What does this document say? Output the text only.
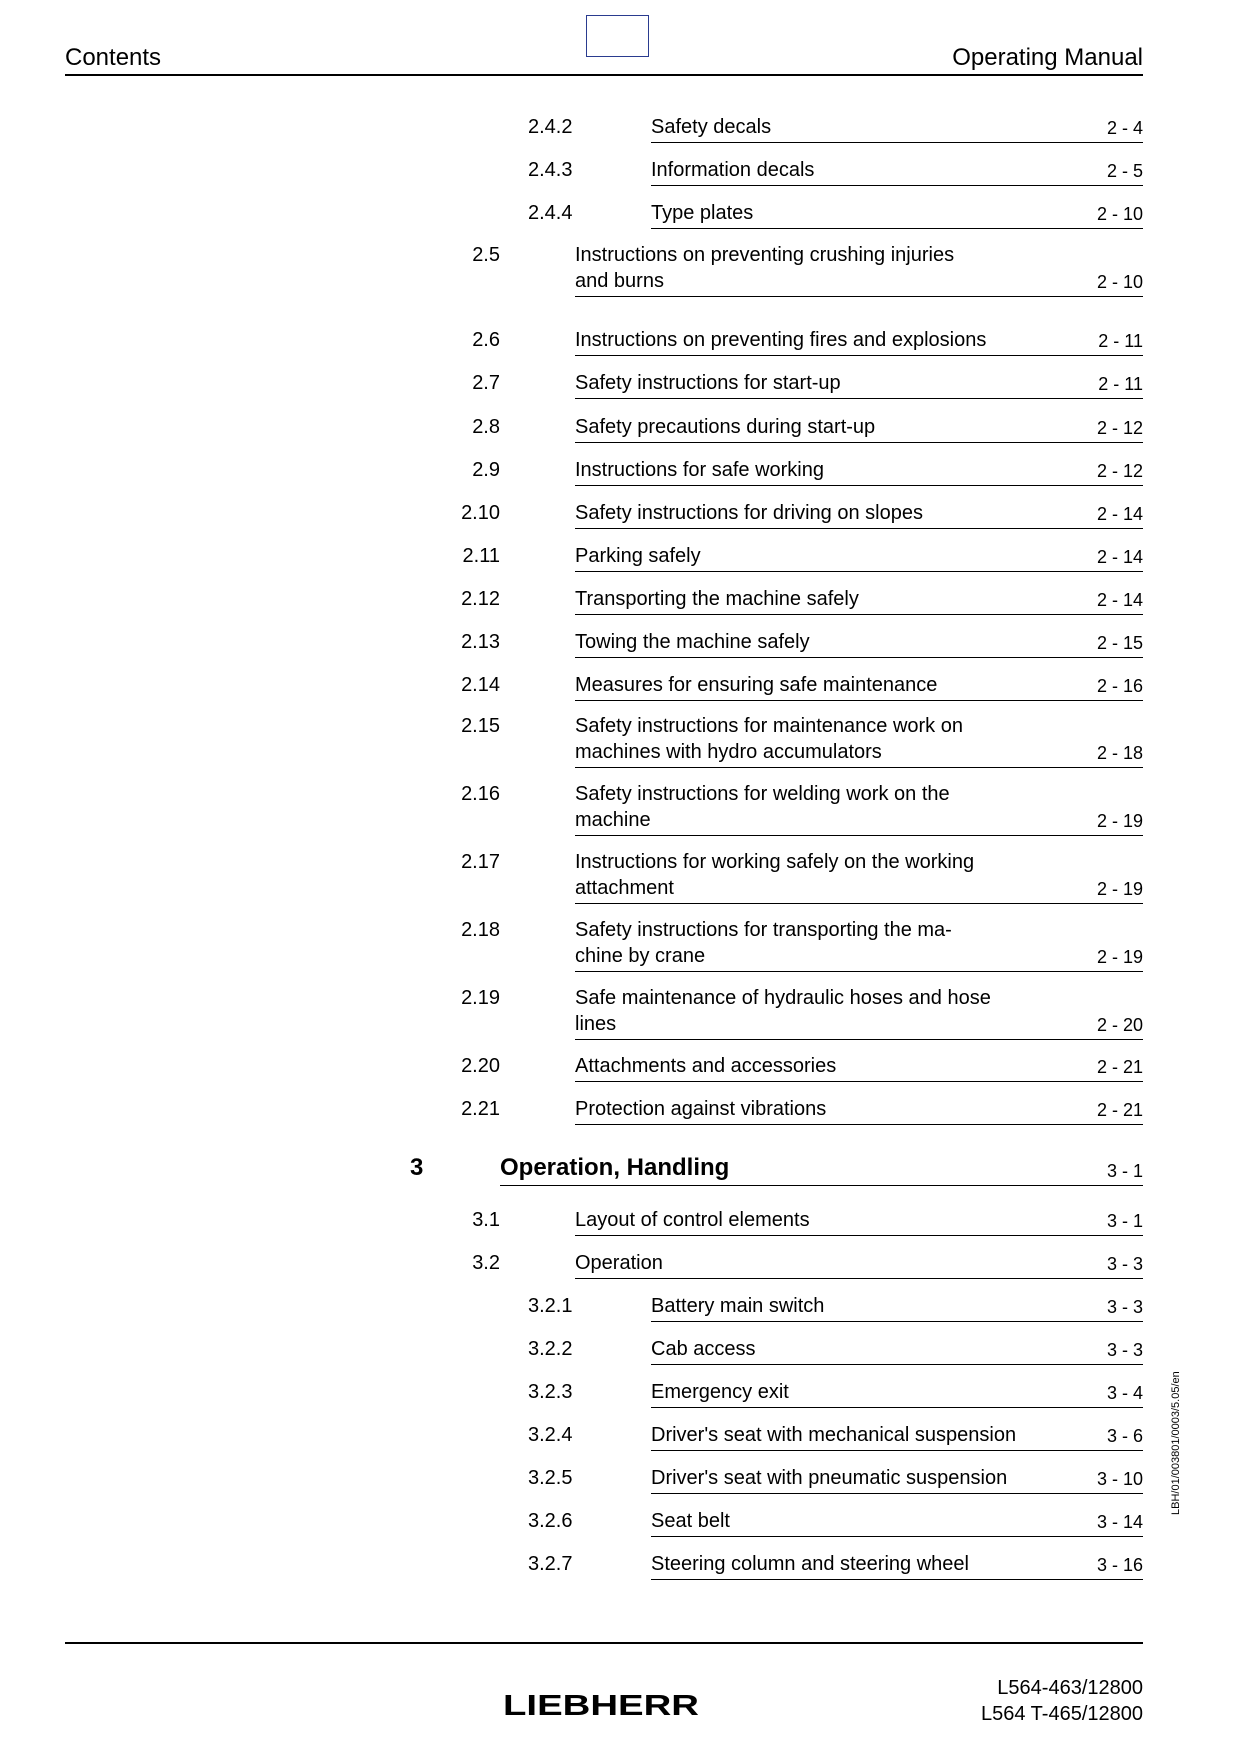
Contents	Operating Manual
2.4.2	Safety decals	2 - 4
2.4.3	Information decals	2 - 5
2.4.4	Type plates	2 - 10
2.5	Instructions on preventing crushing injuries
and burns	2 - 10
2.6	Instructions on preventing fires and explosions	2 - 11
2.7	Safety instructions for start-up	2 - 11
2.8	Safety precautions during start-up	2 - 12
2.9	Instructions for safe working	2 - 12
2.10	Safety instructions for driving on slopes	2 - 14
2.11	Parking safely	2 - 14
2.12	Transporting the machine safely	2 - 14
2.13	Towing the machine safely	2 - 15
2.14	Measures for ensuring safe maintenance	2 - 16
2.15	Safety instructions for maintenance work on
machines with hydro accumulators	2 - 18
2.16	Safety instructions for welding work on the
machine	2 - 19
2.17	Instructions for working safely on the working
attachment	2 - 19
2.18	Safety instructions for transporting the ma-
chine by crane	2 - 19
2.19	Safe maintenance of hydraulic hoses and hose
lines	2 - 20
2.20	Attachments and accessories	2 - 21
2.21	Protection against vibrations	2 - 21
3	Operation, Handling	3 - 1
3.1	Layout of control elements	3 - 1
3.2	Operation	3 - 3
3.2.1	Battery main switch	3 - 3
3.2.2	Cab access	3 - 3
3.2.3	Emergency exit	3 - 4
3.2.4	Driver's seat with mechanical suspension	3 - 6
3.2.5	Driver's seat with pneumatic suspension	3 - 10
3.2.6	Seat belt	3 - 14
3.2.7	Steering column and steering wheel	3 - 16
LBH/01/003801/0003/5.05/en
LIEBHERR
L564-463/12800
L564 T-465/12800
